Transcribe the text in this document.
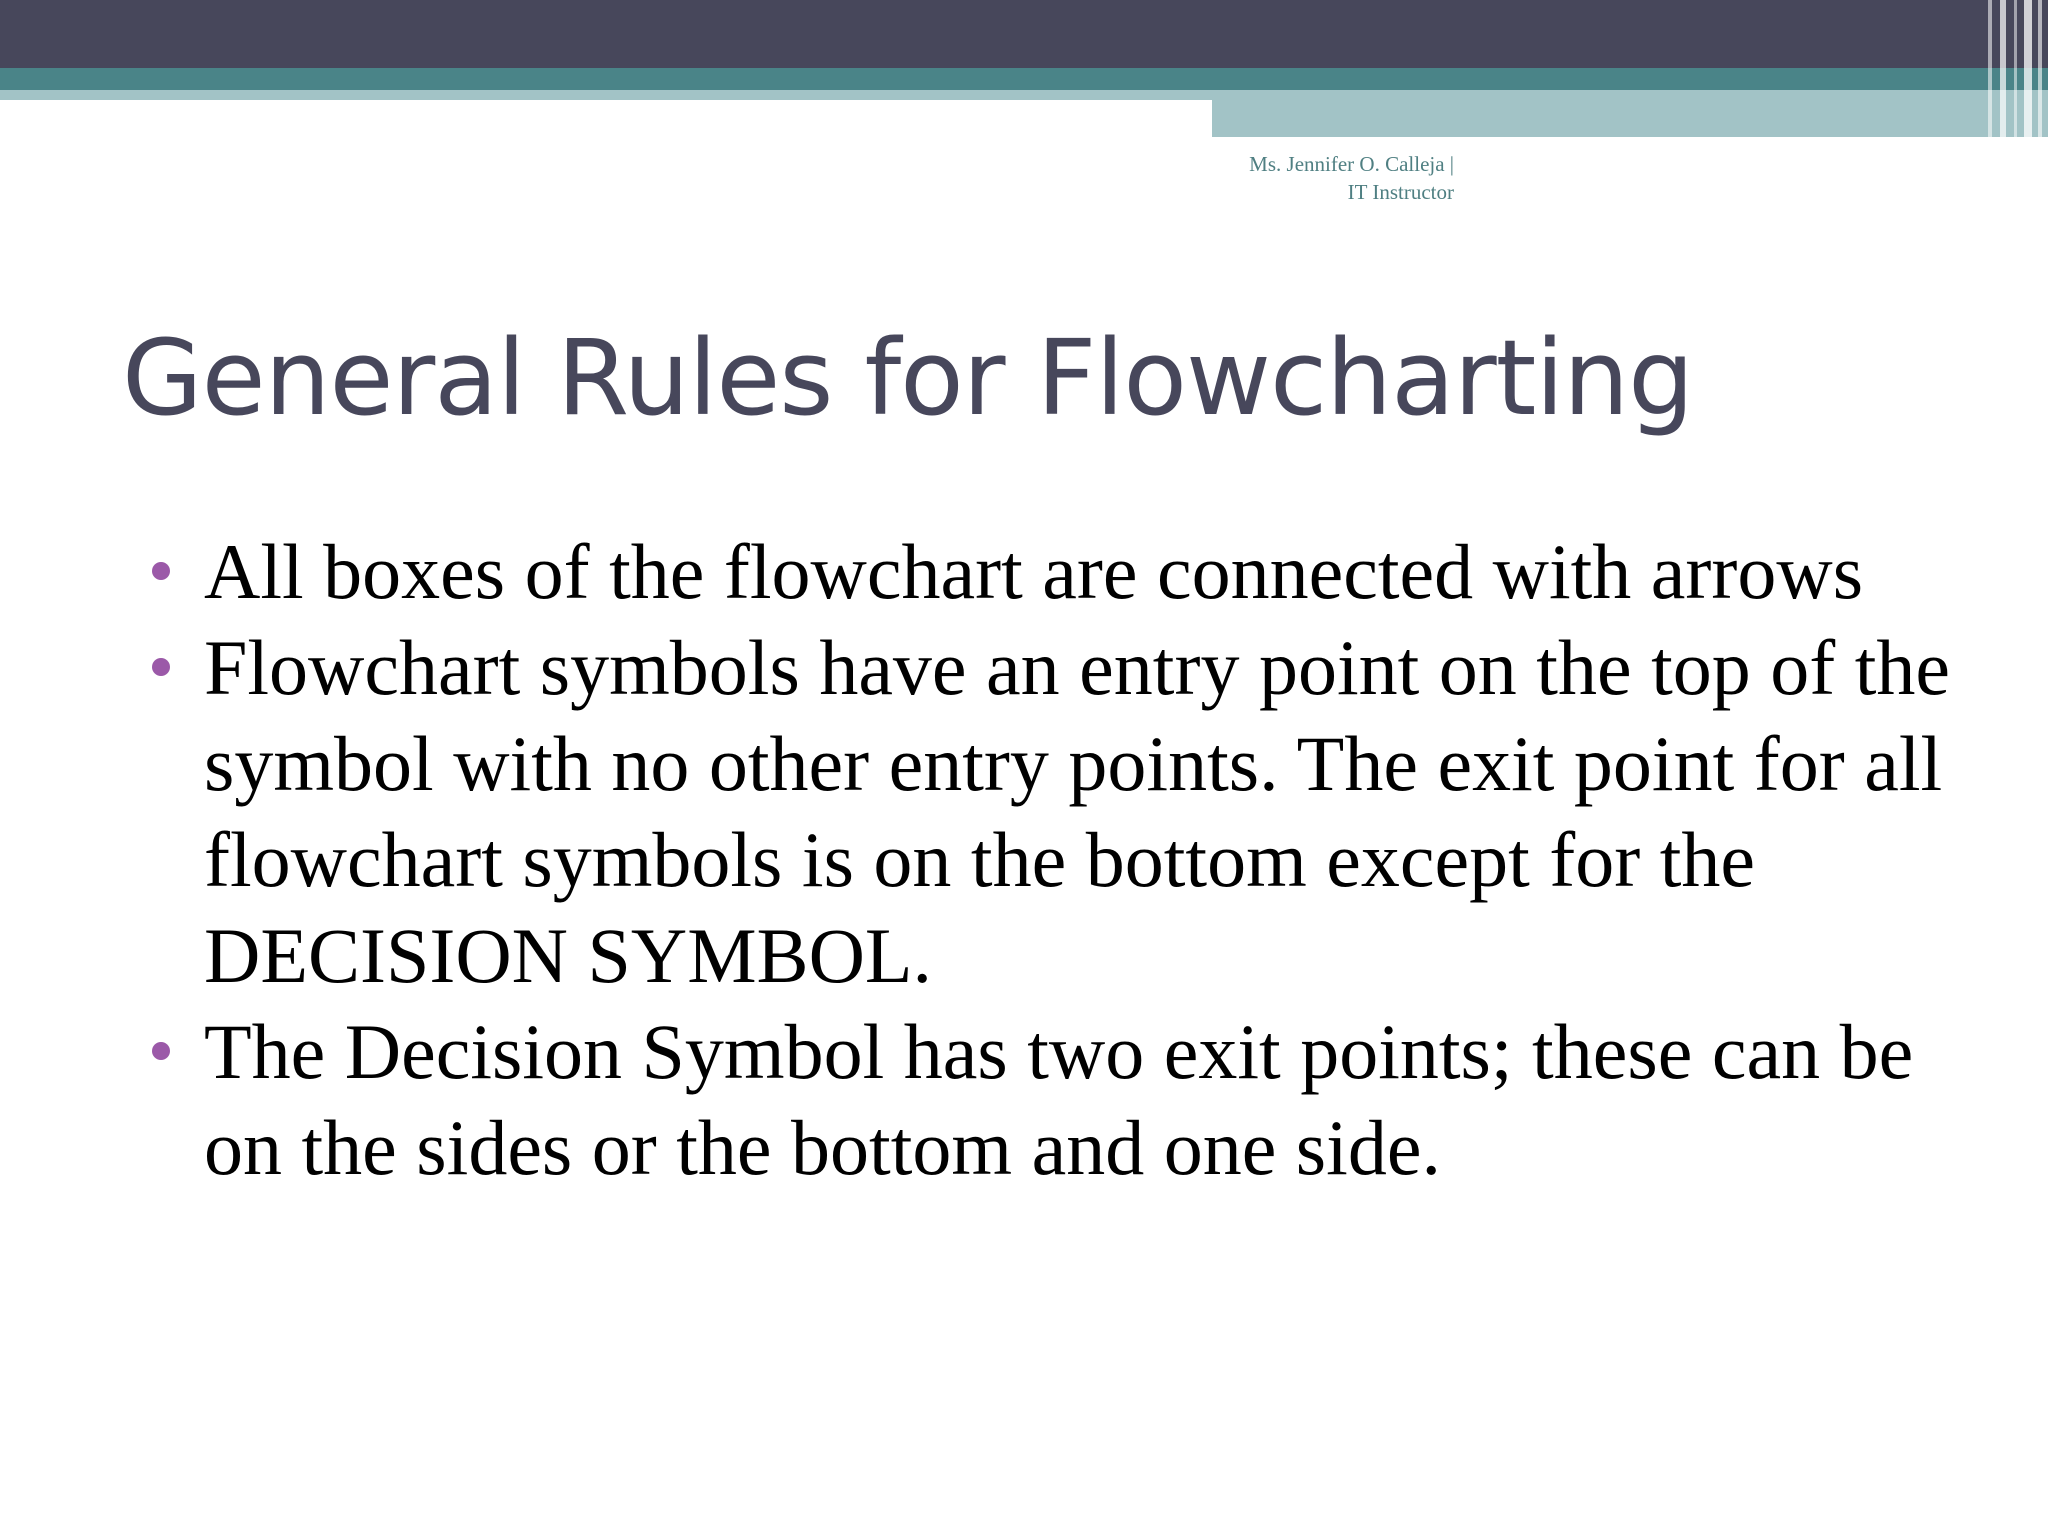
Ms. Jennifer O. Calleja |
IT Instructor
General Rules for Flowcharting
All boxes of the flowchart are connected with arrows
Flowchart symbols have an entry point on the top of the symbol with no other entry points. The exit point for all flowchart symbols is on the bottom except for the DECISION SYMBOL.
The Decision Symbol has two exit points; these can be on the sides or the bottom and one side.
